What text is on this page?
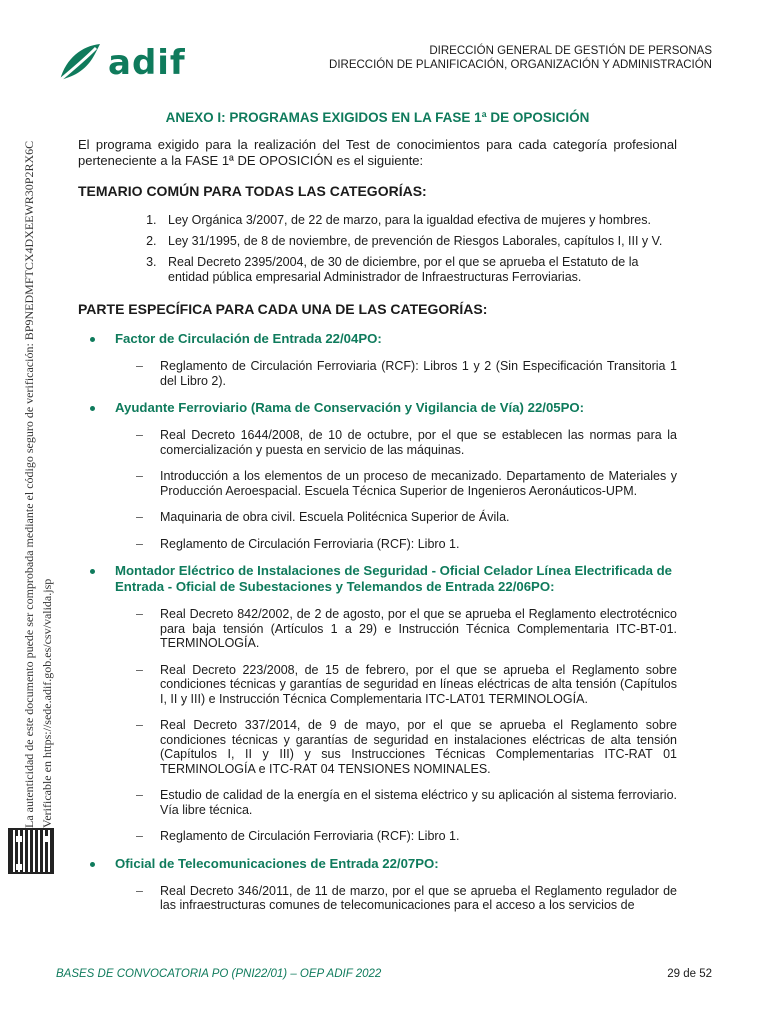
adif	DIRECCIÓN GENERAL DE GESTIÓN DE PERSONAS
DIRECCIÓN DE PLANIFICACIÓN, ORGANIZACIÓN Y ADMINISTRACIÓN
La autenticidad de este documento puede ser comprobada mediante el código seguro de verificación: BP9NEDMFTCX4DXEEWR30P2RX6C Verificable en https://sede.adif.gob.es/csv/valida.jsp
ANEXO I: PROGRAMAS EXIGIDOS EN LA FASE 1ª DE OPOSICIÓN

El programa exigido para la realización del Test de conocimientos para cada categoría profesional perteneciente a la FASE 1ª DE OPOSICIÓN es el siguiente:

TEMARIO COMÚN PARA TODAS LAS CATEGORÍAS:
1. Ley Orgánica 3/2007, de 22 de marzo, para la igualdad efectiva de mujeres y hombres.
2. Ley 31/1995, de 8 de noviembre, de prevención de Riesgos Laborales, capítulos I, III y V.
3. Real Decreto 2395/2004, de 30 de diciembre, por el que se aprueba el Estatuto de la entidad pública empresarial Administrador de Infraestructuras Ferroviarias.
PARTE ESPECÍFICA PARA CADA UNA DE LAS CATEGORÍAS:
Factor de Circulación de Entrada 22/04PO:
– Reglamento de Circulación Ferroviaria (RCF): Libros 1 y 2 (Sin Especificación Transitoria 1 del Libro 2).
Ayudante Ferroviario (Rama de Conservación y Vigilancia de Vía) 22/05PO:
– Real Decreto 1644/2008, de 10 de octubre, por el que se establecen las normas para la comercialización y puesta en servicio de las máquinas.
– Introducción a los elementos de un proceso de mecanizado. Departamento de Materiales y Producción Aeroespacial. Escuela Técnica Superior de Ingenieros Aeronáuticos-UPM.
– Maquinaria de obra civil. Escuela Politécnica Superior de Ávila.
– Reglamento de Circulación Ferroviaria (RCF): Libro 1.
Montador Eléctrico de Instalaciones de Seguridad - Oficial Celador Línea Electrificada de Entrada - Oficial de Subestaciones y Telemandos de Entrada 22/06PO:
– Real Decreto 842/2002, de 2 de agosto, por el que se aprueba el Reglamento electrotécnico para baja tensión (Artículos 1 a 29) e Instrucción Técnica Complementaria ITC-BT-01. TERMINOLOGÍA.
– Real Decreto 223/2008, de 15 de febrero, por el que se aprueba el Reglamento sobre condiciones técnicas y garantías de seguridad en líneas eléctricas de alta tensión (Capítulos I, II y III) e Instrucción Técnica Complementaria ITC-LAT01 TERMINOLOGÍA.
– Real Decreto 337/2014, de 9 de mayo, por el que se aprueba el Reglamento sobre condiciones técnicas y garantías de seguridad en instalaciones eléctricas de alta tensión (Capítulos I, II y III) y sus Instrucciones Técnicas Complementarias ITC-RAT 01 TERMINOLOGÍA e ITC-RAT 04 TENSIONES NOMINALES.
– Estudio de calidad de la energía en el sistema eléctrico y su aplicación al sistema ferroviario. Vía libre técnica.
– Reglamento de Circulación Ferroviaria (RCF): Libro 1.
Oficial de Telecomunicaciones de Entrada 22/07PO:
– Real Decreto 346/2011, de 11 de marzo, por el que se aprueba el Reglamento regulador de las infraestructuras comunes de telecomunicaciones para el acceso a los servicios de
BASES DE CONVOCATORIA PO (PNI22/01) – OEP ADIF 2022	29 de 52
